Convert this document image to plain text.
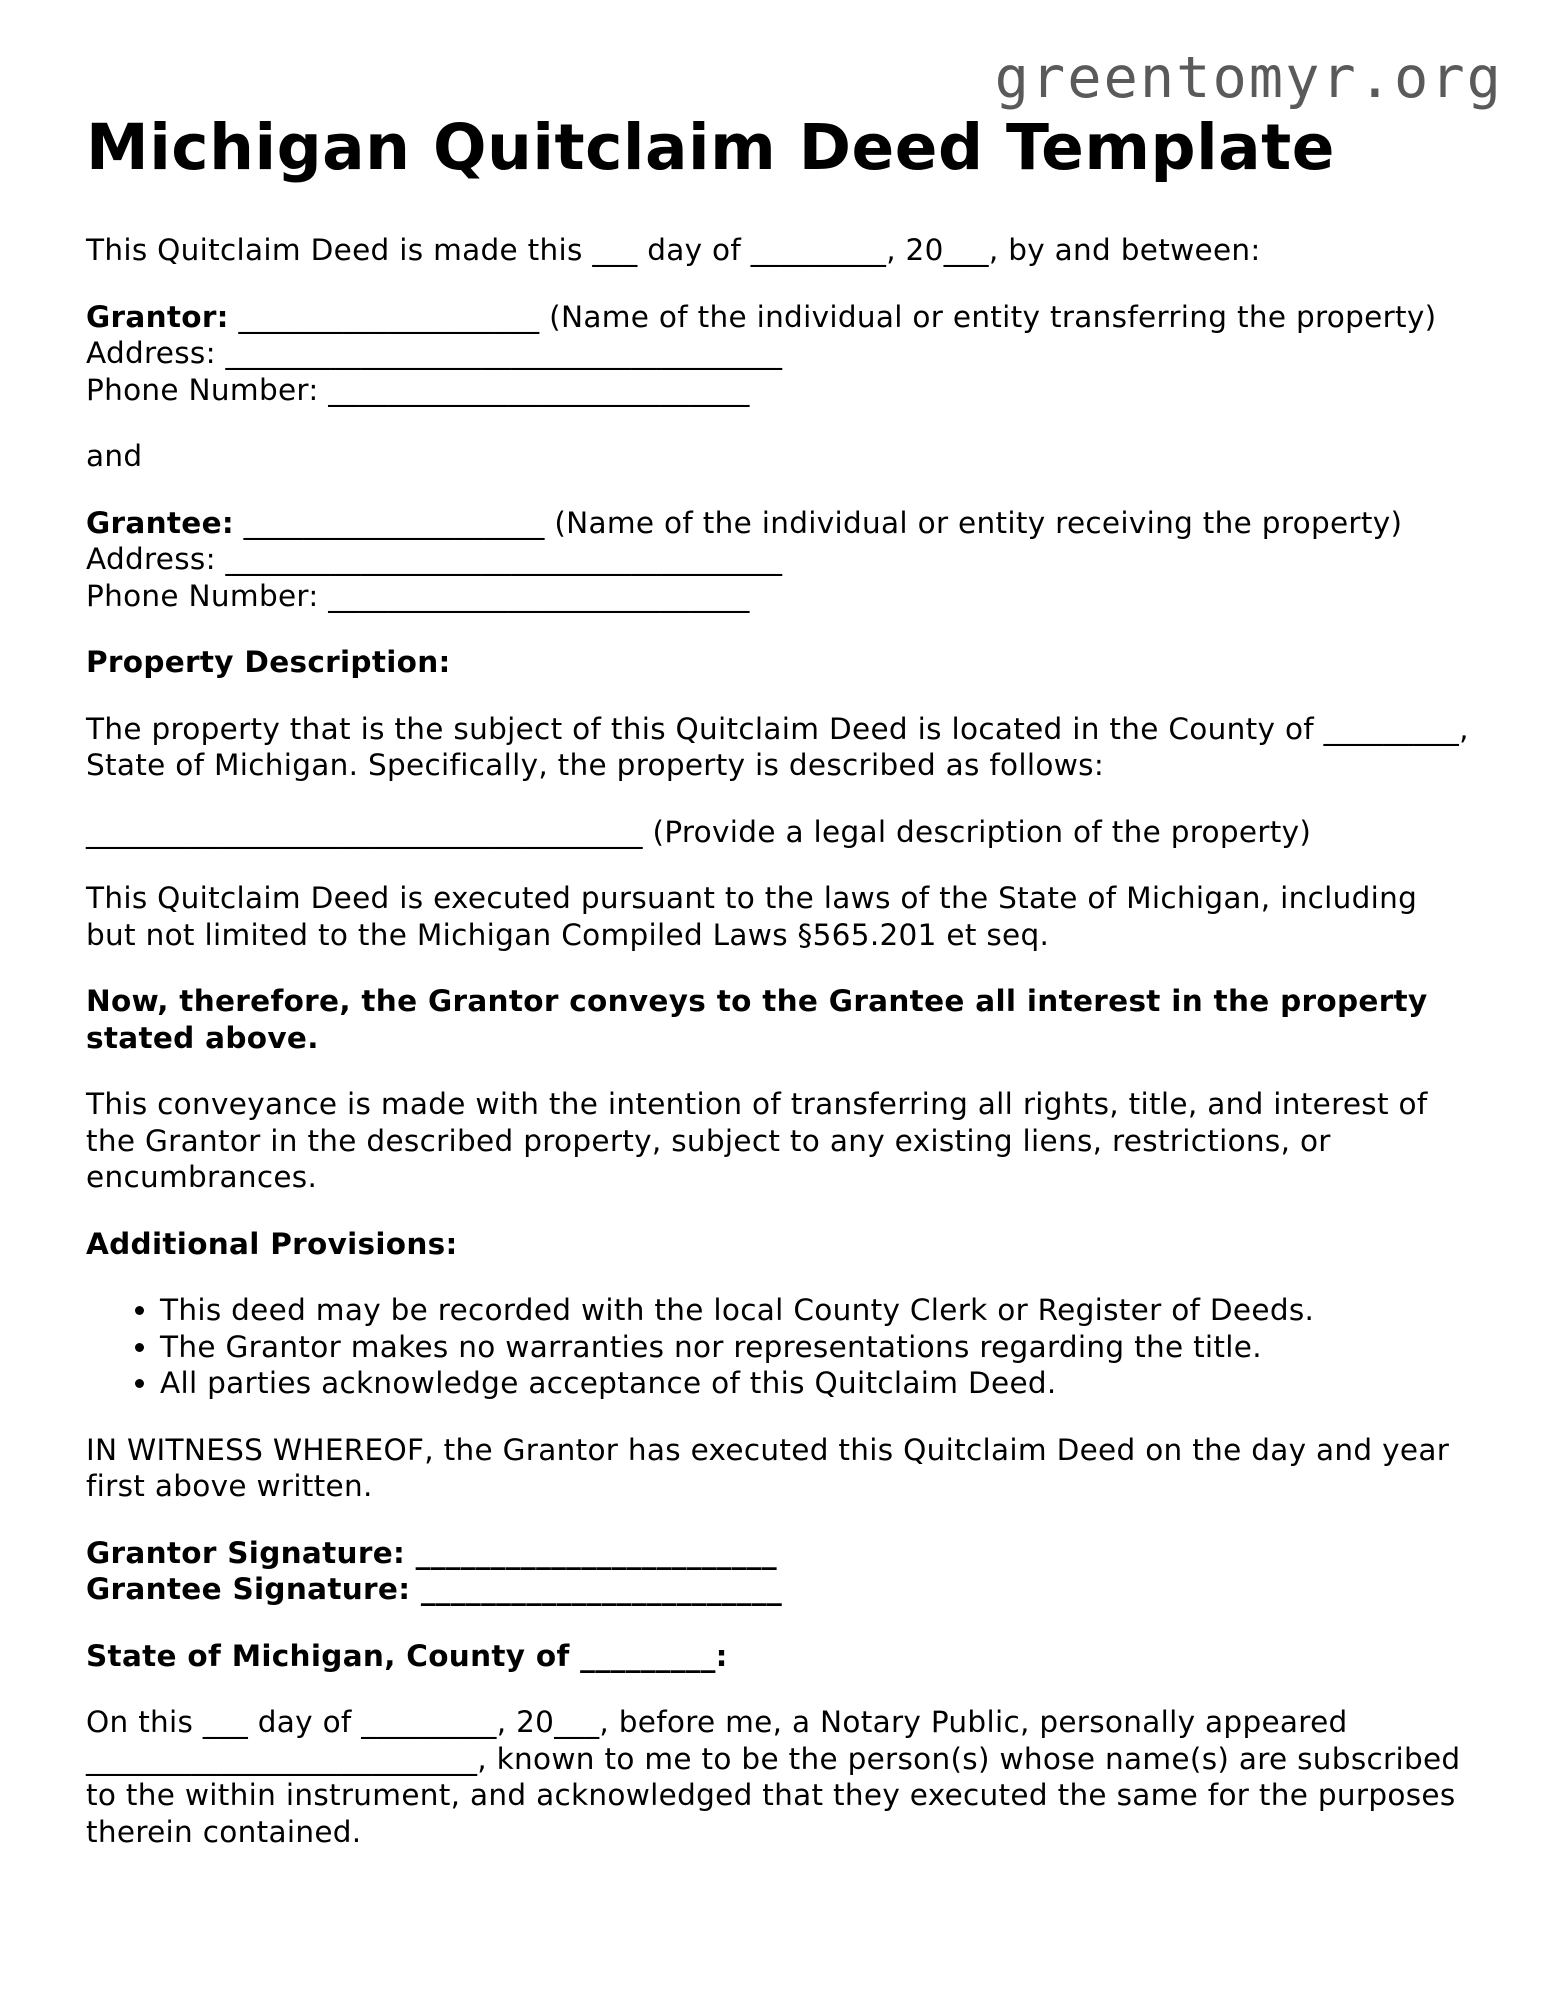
greentomyr.org
Michigan Quitclaim Deed Template

This Quitclaim Deed is made this ___ day of _________, 20___, by and between:

Grantor: ____________________ (Name of the individual or entity transferring the property)
Address: _____________________________________
Phone Number: ____________________________

and

Grantee: ____________________ (Name of the individual or entity receiving the property)
Address: _____________________________________
Phone Number: ____________________________

Property Description:

The property that is the subject of this Quitclaim Deed is located in the County of _________, State of Michigan. Specifically, the property is described as follows:

_____________________________________ (Provide a legal description of the property)

This Quitclaim Deed is executed pursuant to the laws of the State of Michigan, including but not limited to the Michigan Compiled Laws §565.201 et seq.

Now, therefore, the Grantor conveys to the Grantee all interest in the property stated above.

This conveyance is made with the intention of transferring all rights, title, and interest of the Grantor in the described property, subject to any existing liens, restrictions, or encumbrances.

Additional Provisions:

• This deed may be recorded with the local County Clerk or Register of Deeds.
• The Grantor makes no warranties nor representations regarding the title.
• All parties acknowledge acceptance of this Quitclaim Deed.

IN WITNESS WHEREOF, the Grantor has executed this Quitclaim Deed on the day and year first above written.

Grantor Signature: ________________________
Grantee Signature: ________________________

State of Michigan, County of _________:

On this ___ day of _________, 20___, before me, a Notary Public, personally appeared __________________________, known to me to be the person(s) whose name(s) are subscribed to the within instrument, and acknowledged that they executed the same for the purposes therein contained.
